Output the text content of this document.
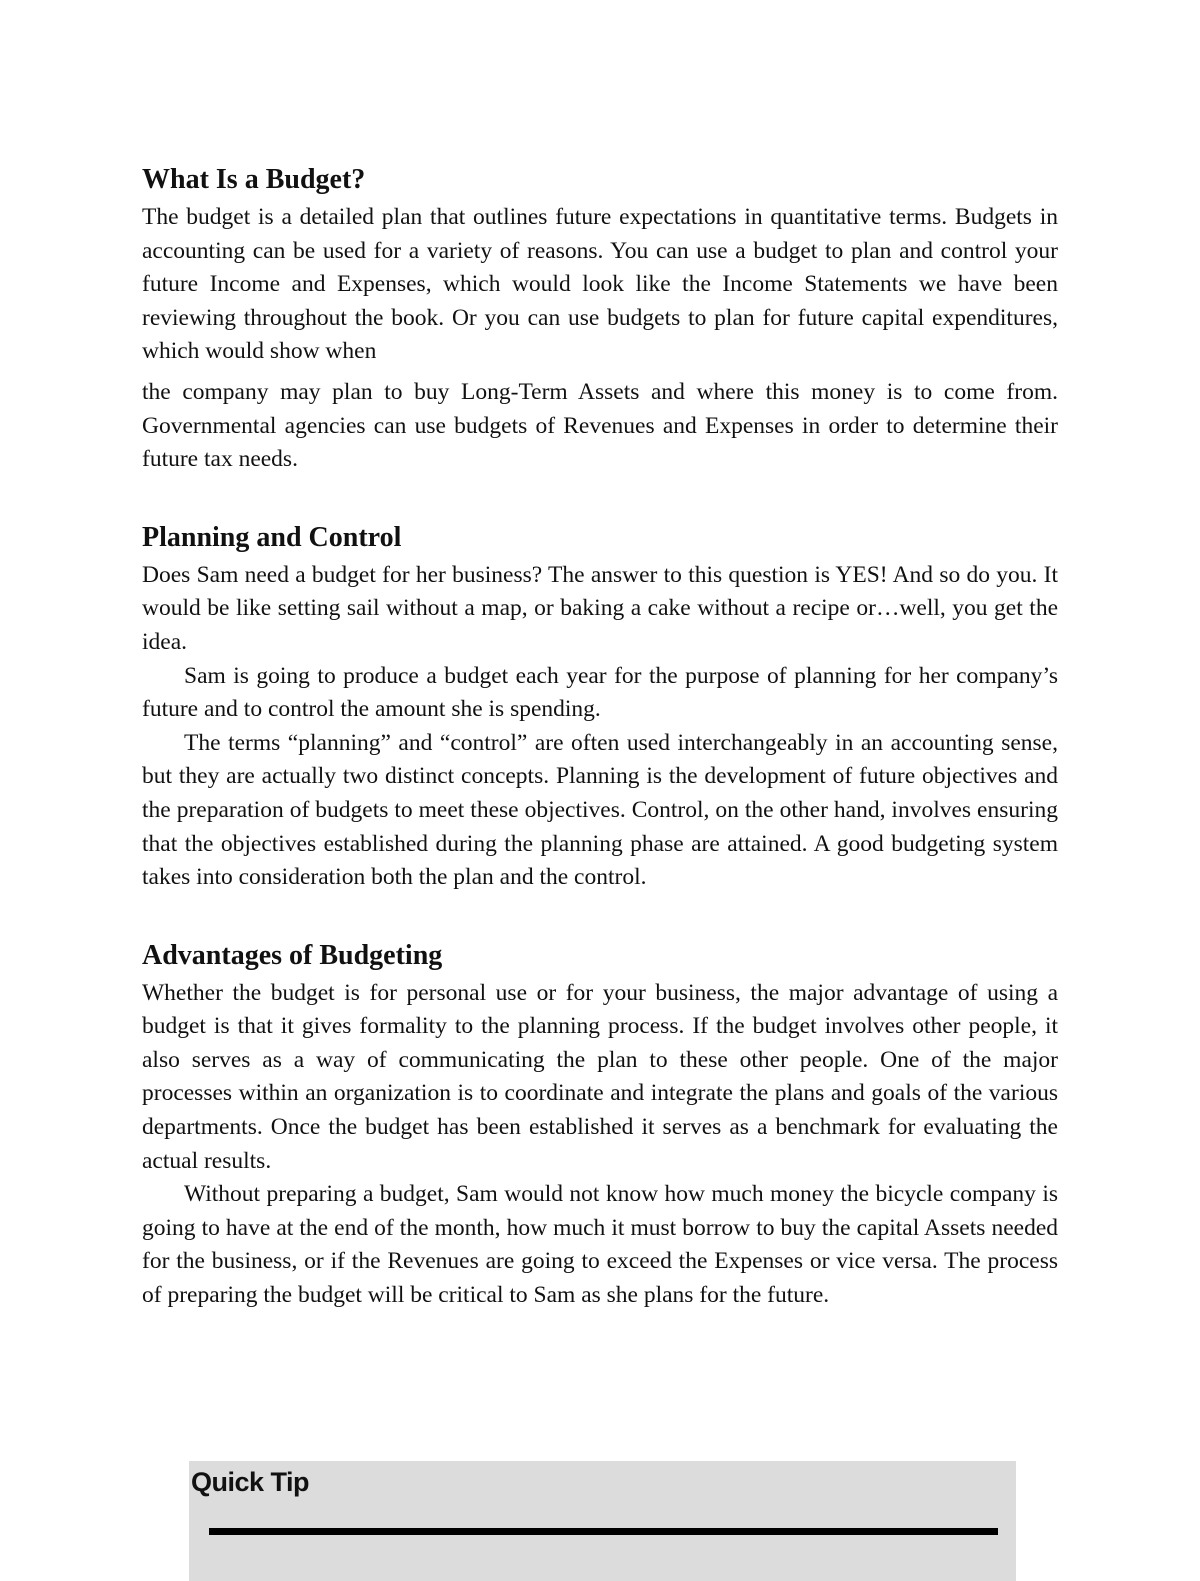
What Is a Budget?

The budget is a detailed plan that outlines future expectations in quantitative terms. Budgets in accounting can be used for a variety of reasons. You can use a budget to plan and control your future Income and Expenses, which would look like the Income Statements we have been reviewing throughout the book. Or you can use budgets to plan for future capital expenditures, which would show when

the company may plan to buy Long-Term Assets and where this money is to come from. Governmental agencies can use budgets of Revenues and Expenses in order to determine their future tax needs.

Planning and Control

Does Sam need a budget for her business? The answer to this question is YES! And so do you. It would be like setting sail without a map, or baking a cake without a recipe or…well, you get the idea.

Sam is going to produce a budget each year for the purpose of planning for her company’s future and to control the amount she is spending.

The terms “planning” and “control” are often used interchangeably in an accounting sense, but they are actually two distinct concepts. Planning is the development of future objectives and the preparation of budgets to meet these objectives. Control, on the other hand, involves ensuring that the objectives established during the planning phase are attained. A good budgeting system takes into consideration both the plan and the control.

Advantages of Budgeting

Whether the budget is for personal use or for your business, the major advantage of using a budget is that it gives formality to the planning process. If the budget involves other people, it also serves as a way of communicating the plan to these other people. One of the major processes within an organization is to coordinate and integrate the plans and goals of the various departments. Once the budget has been established it serves as a benchmark for evaluating the actual results.

Without preparing a budget, Sam would not know how much money the bicycle company is going to have at the end of the month, how much it must borrow to buy the capital Assets needed for the business, or if the Revenues are going to exceed the Expenses or vice versa. The process of preparing the budget will be critical to Sam as she plans for the future.

Quick Tip
